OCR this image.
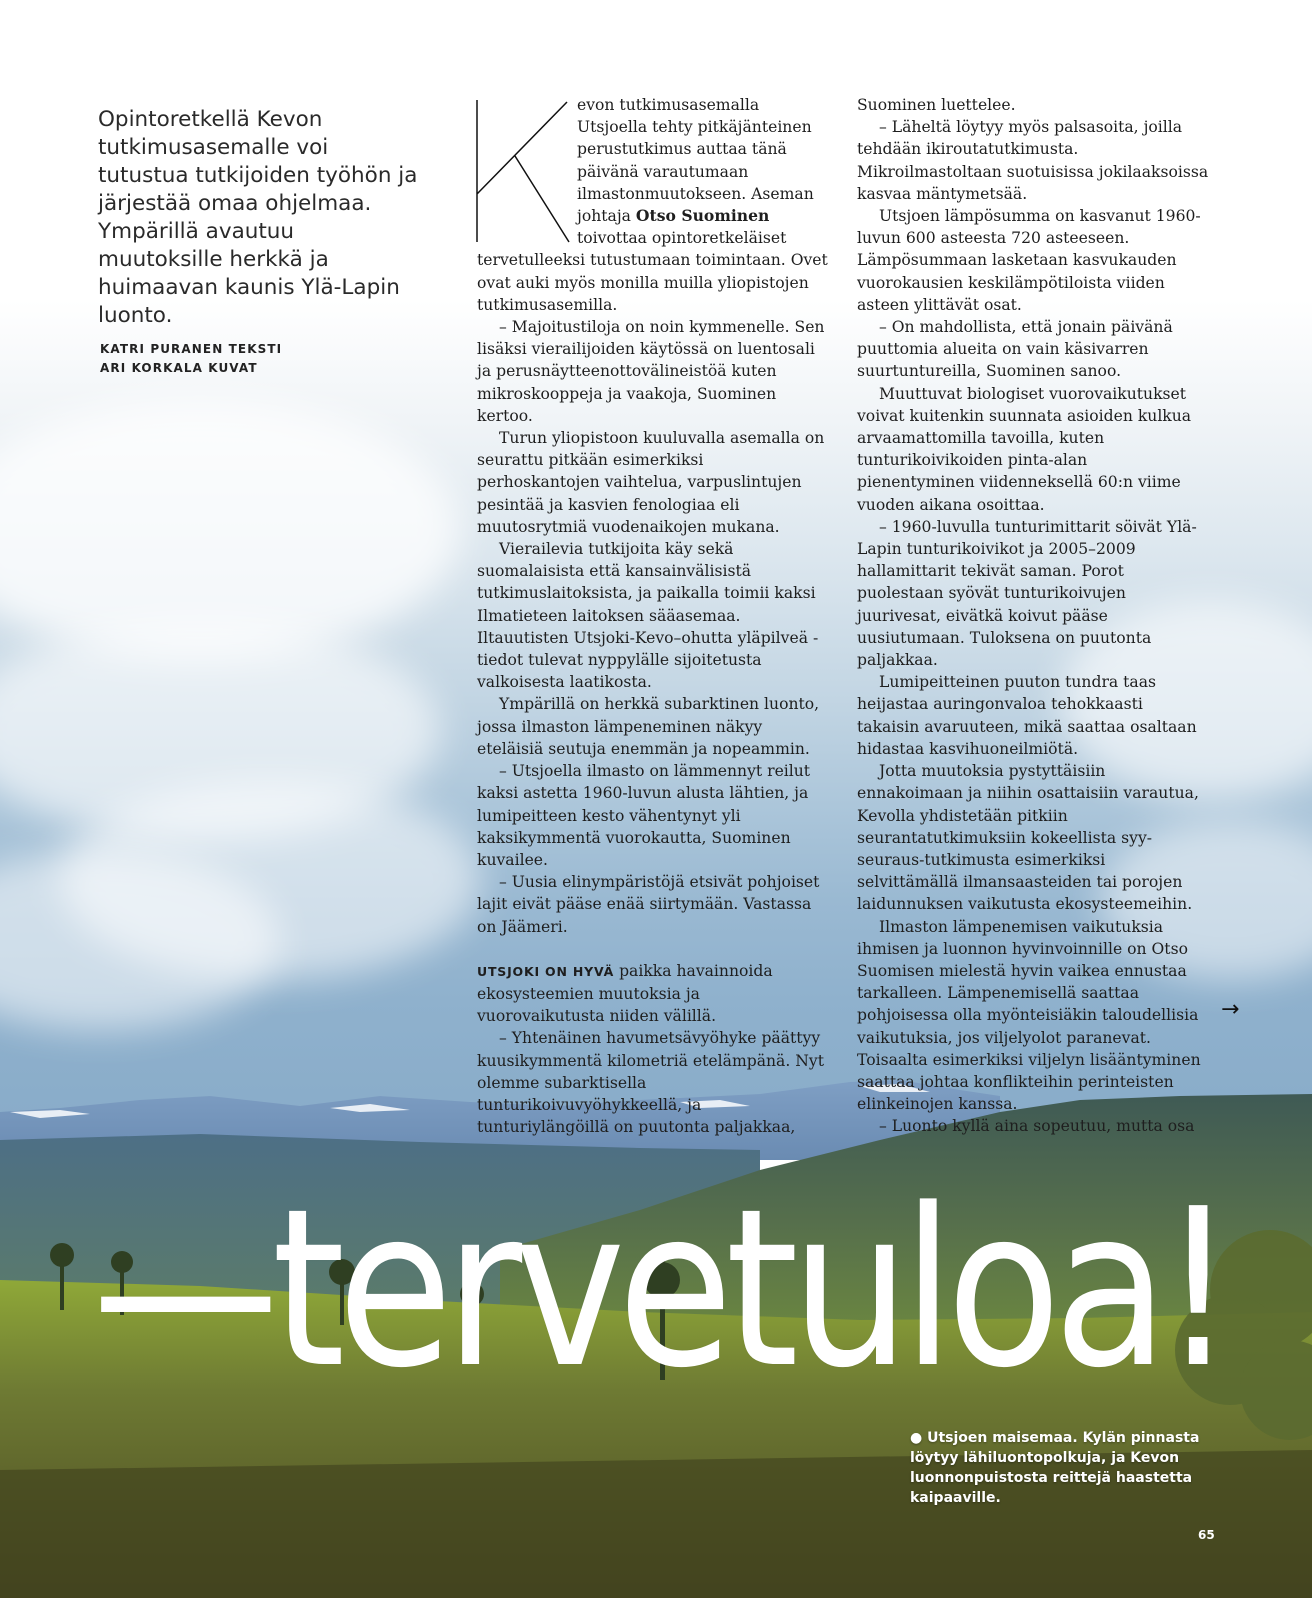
Opintoretkellä Kevon tutkimusasemalle voi tutustua tutkijoiden työhön ja järjestää omaa ohjelmaa. Ympärillä avautuu muutoksille herkkä ja huimaavan kaunis Ylä-Lapin luonto.

KATRI PURANEN TEKSTI
ARI KORKALA KUVAT

evon tutkimusasemalla Utsjoella tehty pitkäjänteinen perustutkimus auttaa tänä päivänä varautumaan ilmastonmuutokseen. Aseman johtaja Otso Suominen toivottaa opintoretkeläiset tervetulleeksi tutustumaan toimintaan. Ovet ovat auki myös monilla muilla yliopistojen tutkimusasemilla.

– Majoitustiloja on noin kymmenelle. Sen lisäksi vierailijoiden käytössä on luentosali ja perusnäytteenottovälineistöä kuten mikroskooppeja ja vaakoja, Suominen kertoo.

Turun yliopistoon kuuluvalla asemalla on seurattu pitkään esimerkiksi perhoskantojen vaihtelua, varpuslintujen pesintää ja kasvien fenologiaa eli muutosrytmiä vuodenaikojen mukana.

Vierailevia tutkijoita käy sekä suomalaisista että kansainvälisistä tutkimuslaitoksista, ja paikalla toimii kaksi Ilmatieteen laitoksen sääasemaa. Iltauutisten Utsjoki-Kevo–ohutta yläpilveä -tiedot tulevat nyppylälle sijoitetusta valkoisesta laatikosta.

Ympärillä on herkkä subarktinen luonto, jossa ilmaston lämpeneminen näkyy eteläisiä seutuja enemmän ja nopeammin.

– Utsjoella ilmasto on lämmennyt reilut kaksi astetta 1960-luvun alusta lähtien, ja lumipeitteen kesto vähentynyt yli kaksikymmentä vuorokautta, Suominen kuvailee.

– Uusia elinympäristöjä etsivät pohjoiset lajit eivät pääse enää siirtymään. Vastassa on Jäämeri.

UTSJOKI ON HYVÄ paikka havainnoida ekosysteemien muutoksia ja vuorovaikutusta niiden välillä.

– Yhtenäinen havumetsävyöhyke päättyy kuusikymmentä kilometriä etelämpänä. Nyt olemme subarktisella tunturikoivuvyöhykkeellä, ja tunturiylängöillä on puutonta paljakkaa,

Suominen luettelee.

– Läheltä löytyy myös palsasoita, joilla tehdään ikiroutatutkimusta. Mikroilmastoltaan suotuisissa jokilaaksoissa kasvaa mäntymetsää.

Utsjoen lämpösumma on kasvanut 1960-luvun 600 asteesta 720 asteeseen. Lämpösummaan lasketaan kasvukauden vuorokausien keskilämpötiloista viiden asteen ylittävät osat.

– On mahdollista, että jonain päivänä puuttomia alueita on vain käsivarren suurtuntureilla, Suominen sanoo.

Muuttuvat biologiset vuorovaikutukset voivat kuitenkin suunnata asioiden kulkua arvaamattomilla tavoilla, kuten tunturikoivikoiden pinta-alan pienentyminen viidenneksellä 60:n viime vuoden aikana osoittaa.

– 1960-luvulla tunturimittarit söivät Ylä-Lapin tunturikoivikot ja 2005–2009 hallamittarit tekivät saman. Porot puolestaan syövät tunturikoivujen juurivesat, eivätkä koivut pääse uusiutumaan. Tuloksena on puutonta paljakkaa.

Lumipeitteinen puuton tundra taas heijastaa auringonvaloa tehokkaasti takaisin avaruuteen, mikä saattaa osaltaan hidastaa kasvihuoneilmiötä.

Jotta muutoksia pystyttäisiin ennakoimaan ja niihin osattaisiin varautua, Kevolla yhdistetään pitkiin seurantatutkimuksiin kokeellista syy-seuraus-tutkimusta esimerkiksi selvittämällä ilmansaasteiden tai porojen laidunnuksen vaikutusta ekosysteemeihin.

Ilmaston lämpenemisen vaikutuksia ihmisen ja luonnon hyvinvoinnille on Otso Suomisen mielestä hyvin vaikea ennustaa tarkalleen. Lämpenemisellä saattaa pohjoisessa olla myönteisiäkin taloudellisia vaikutuksia, jos viljelyolot paranevat. Toisaalta esimerkiksi viljelyn lisääntyminen saattaa johtaa konflikteihin perinteisten elinkeinojen kanssa.

– Luonto kyllä aina sopeutuu, mutta osa

→
—tervetuloa!
● Utsjoen maisemaa. Kylän pinnasta löytyy lähiluontopolkuja, ja Kevon luonnonpuistosta reittejä haastetta kaipaaville.
65
